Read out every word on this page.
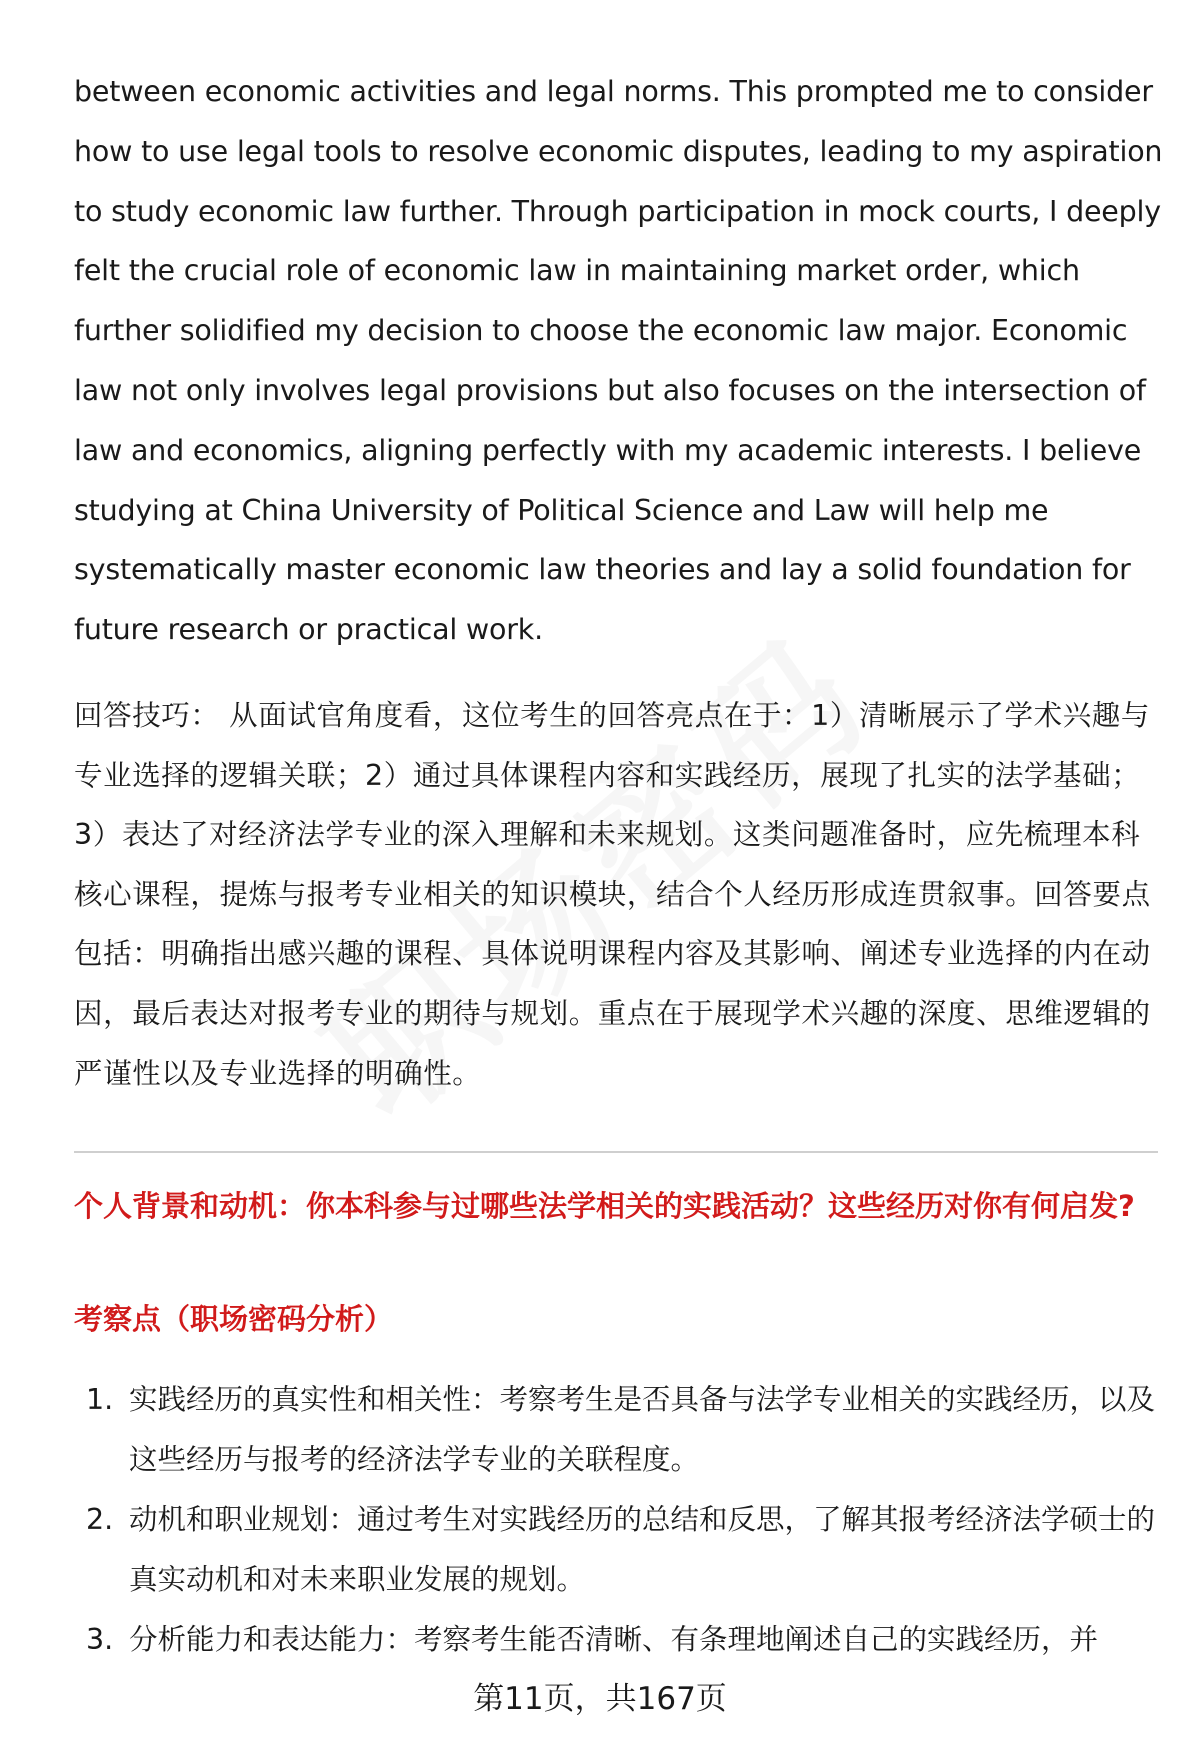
between economic activities and legal norms. This prompted me to consider how to use legal tools to resolve economic disputes, leading to my aspiration to study economic law further. Through participation in mock courts, I deeply felt the crucial role of economic law in maintaining market order, which further solidified my decision to choose the economic law major. Economic law not only involves legal provisions but also focuses on the intersection of law and economics, aligning perfectly with my academic interests. I believe studying at China University of Political Science and Law will help me systematically master economic law theories and lay a solid foundation for future research or practical work.

回答技巧： 从面试官角度看，这位考生的回答亮点在于：1）清晰展示了学术兴趣与专业选择的逻辑关联；2）通过具体课程内容和实践经历，展现了扎实的法学基础；3）表达了对经济法学专业的深入理解和未来规划。这类问题准备时，应先梳理本科核心课程，提炼与报考专业相关的知识模块，结合个人经历形成连贯叙事。回答要点包括：明确指出感兴趣的课程、具体说明课程内容及其影响、阐述专业选择的内在动因，最后表达对报考专业的期待与规划。重点在于展现学术兴趣的深度、思维逻辑的严谨性以及专业选择的明确性。

个人背景和动机：你本科参与过哪些法学相关的实践活动？这些经历对你有何启发?
考察点（职场密码分析）
1. 实践经历的真实性和相关性：考察考生是否具备与法学专业相关的实践经历，以及这些经历与报考的经济法学专业的关联程度。
2. 动机和职业规划：通过考生对实践经历的总结和反思，了解其报考经济法学硕士的真实动机和对未来职业发展的规划。
3. 分析能力和表达能力：考察考生能否清晰、有条理地阐述自己的实践经历，并
第11页，共167页
